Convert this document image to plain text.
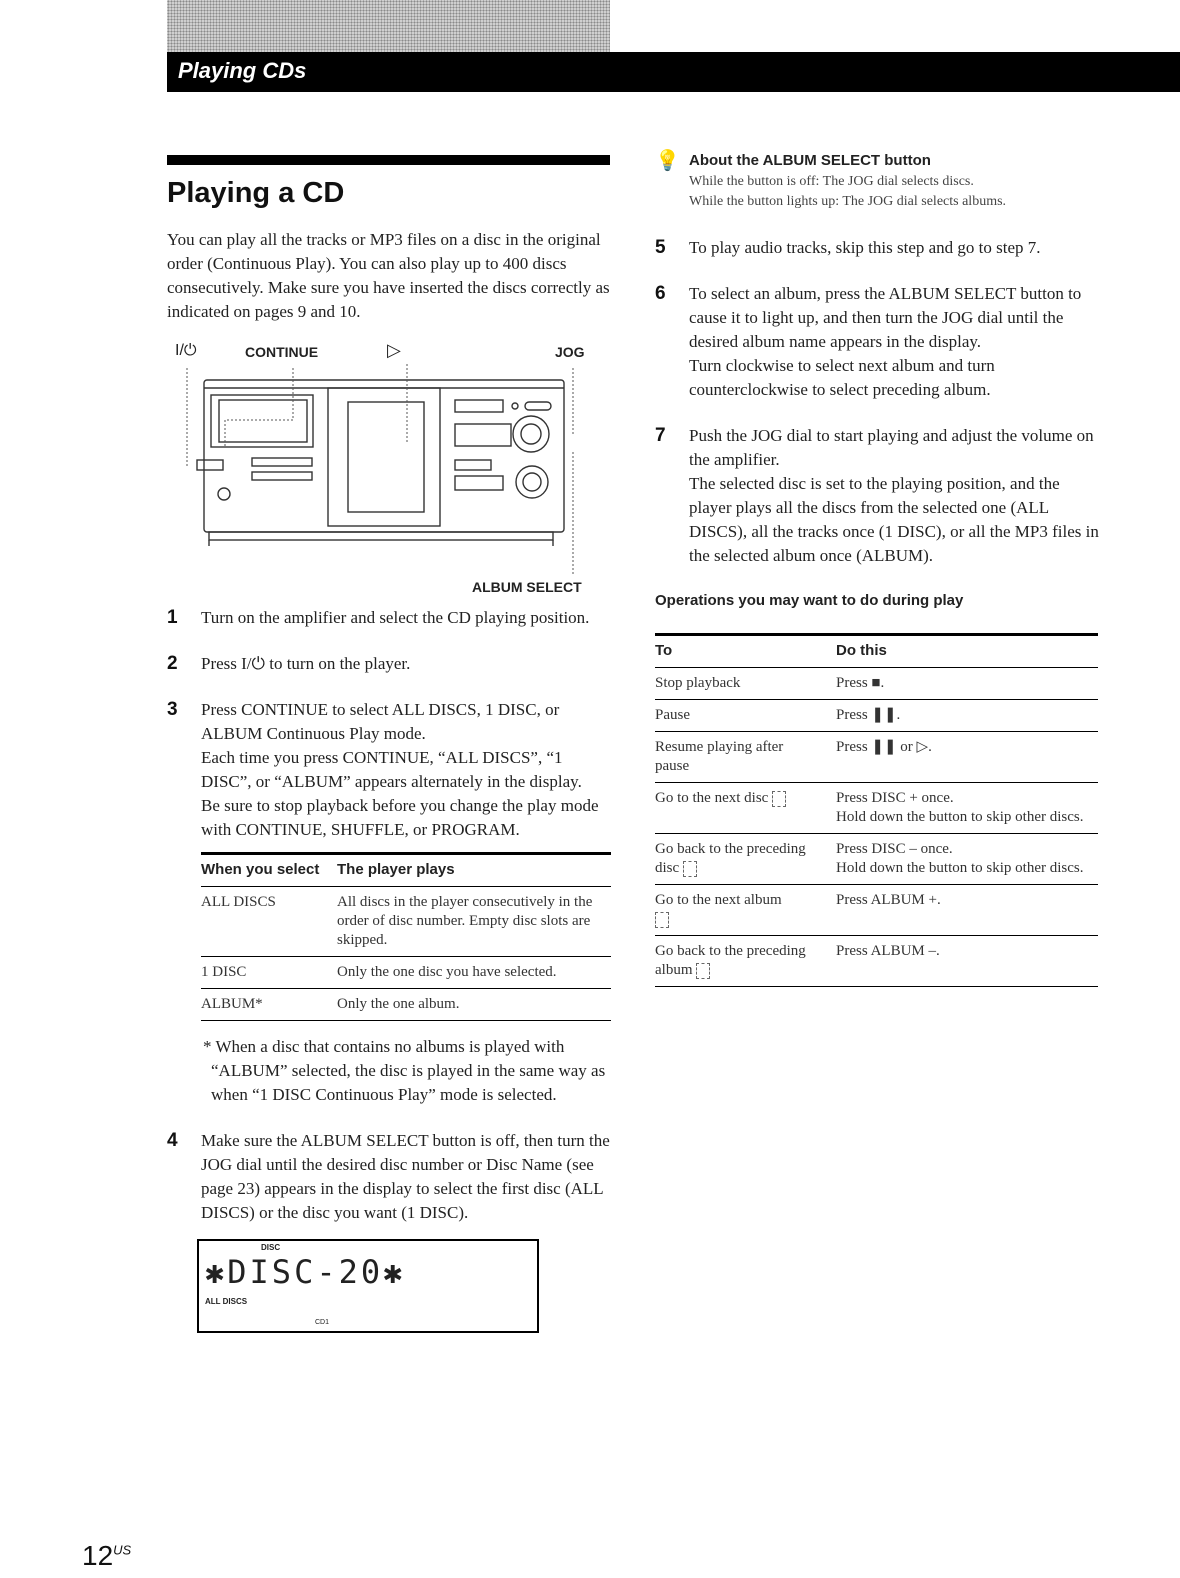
Playing CDs
Playing a CD

You can play all the tracks or MP3 files on a disc in the original order (Continuous Play). You can also play up to 400 discs consecutively. Make sure you have inserted the discs correctly as indicated on pages 9 and 10.

I/⏻	CONTINUE	▷	JOG
ALBUM SELECT
1 Turn on the amplifier and select the CD playing position.
2 Press I/⏻ to turn on the player.
3 Press CONTINUE to select ALL DISCS, 1 DISC, or ALBUM Continuous Play mode.
Each time you press CONTINUE, “ALL DISCS”, “1 DISC”, or “ALBUM” appears alternately in the display.
Be sure to stop playback before you change the play mode with CONTINUE, SHUFFLE, or PROGRAM.
When you select	The player plays
ALL DISCS	All discs in the player consecutively in the order of disc number. Empty disc slots are skipped.
1 DISC	Only the one disc you have selected.
ALBUM*	Only the one album.

* When a disc that contains no albums is played with “ALBUM” selected, the disc is played in the same way as when “1 DISC Continuous Play” mode is selected.

4 Make sure the ALBUM SELECT button is off, then turn the JOG dial until the desired disc number or Disc Name (see page 23) appears in the display to select the first disc (ALL DISCS) or the disc you want (1 DISC).
DISC
✱DISC-20✱
ALL DISCS
CD1
💡 About the ALBUM SELECT button
While the button is off: The JOG dial selects discs.
While the button lights up: The JOG dial selects albums.
5 To play audio tracks, skip this step and go to step 7.
6 To select an album, press the ALBUM SELECT button to cause it to light up, and then turn the JOG dial until the desired album name appears in the display.
Turn clockwise to select next album and turn counterclockwise to select preceding album.
7 Push the JOG dial to start playing and adjust the volume on the amplifier.
The selected disc is set to the playing position, and the player plays all the discs from the selected one (ALL DISCS), all the tracks once (1 DISC), or all the MP3 files in the selected album once (ALBUM).
Operations you may want to do during play
To	Do this
Stop playback	Press ■.
Pause	Press ❚❚.
Resume playing after pause	Press ❚❚ or ▷.
Go to the next disc	Press DISC + once.
Hold down the button to skip other discs.
Go back to the preceding disc	Press DISC – once.
Hold down the button to skip other discs.
Go to the next album	Press ALBUM +.
Go back to the preceding album	Press ALBUM –.
$12^{US}$
